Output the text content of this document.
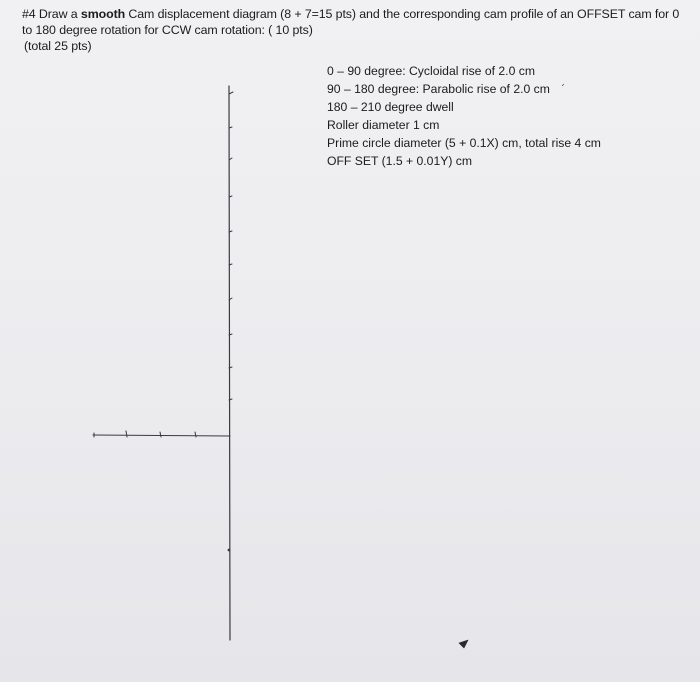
#4 Draw a smooth Cam displacement diagram (8 + 7=15 pts) and the corresponding cam profile of an OFFSET cam for 0
to 180 degree rotation for CCW cam rotation: ( 10 pts)
(total 25 pts)
0 – 90 degree: Cycloidal rise of 2.0 cm
90 – 180 degree: Parabolic rise of 2.0 cm
180 – 210 degree dwell
Roller diameter 1 cm
Prime circle diameter (5 + 0.1X) cm, total rise 4 cm
OFF SET (1.5 + 0.01Y) cm
